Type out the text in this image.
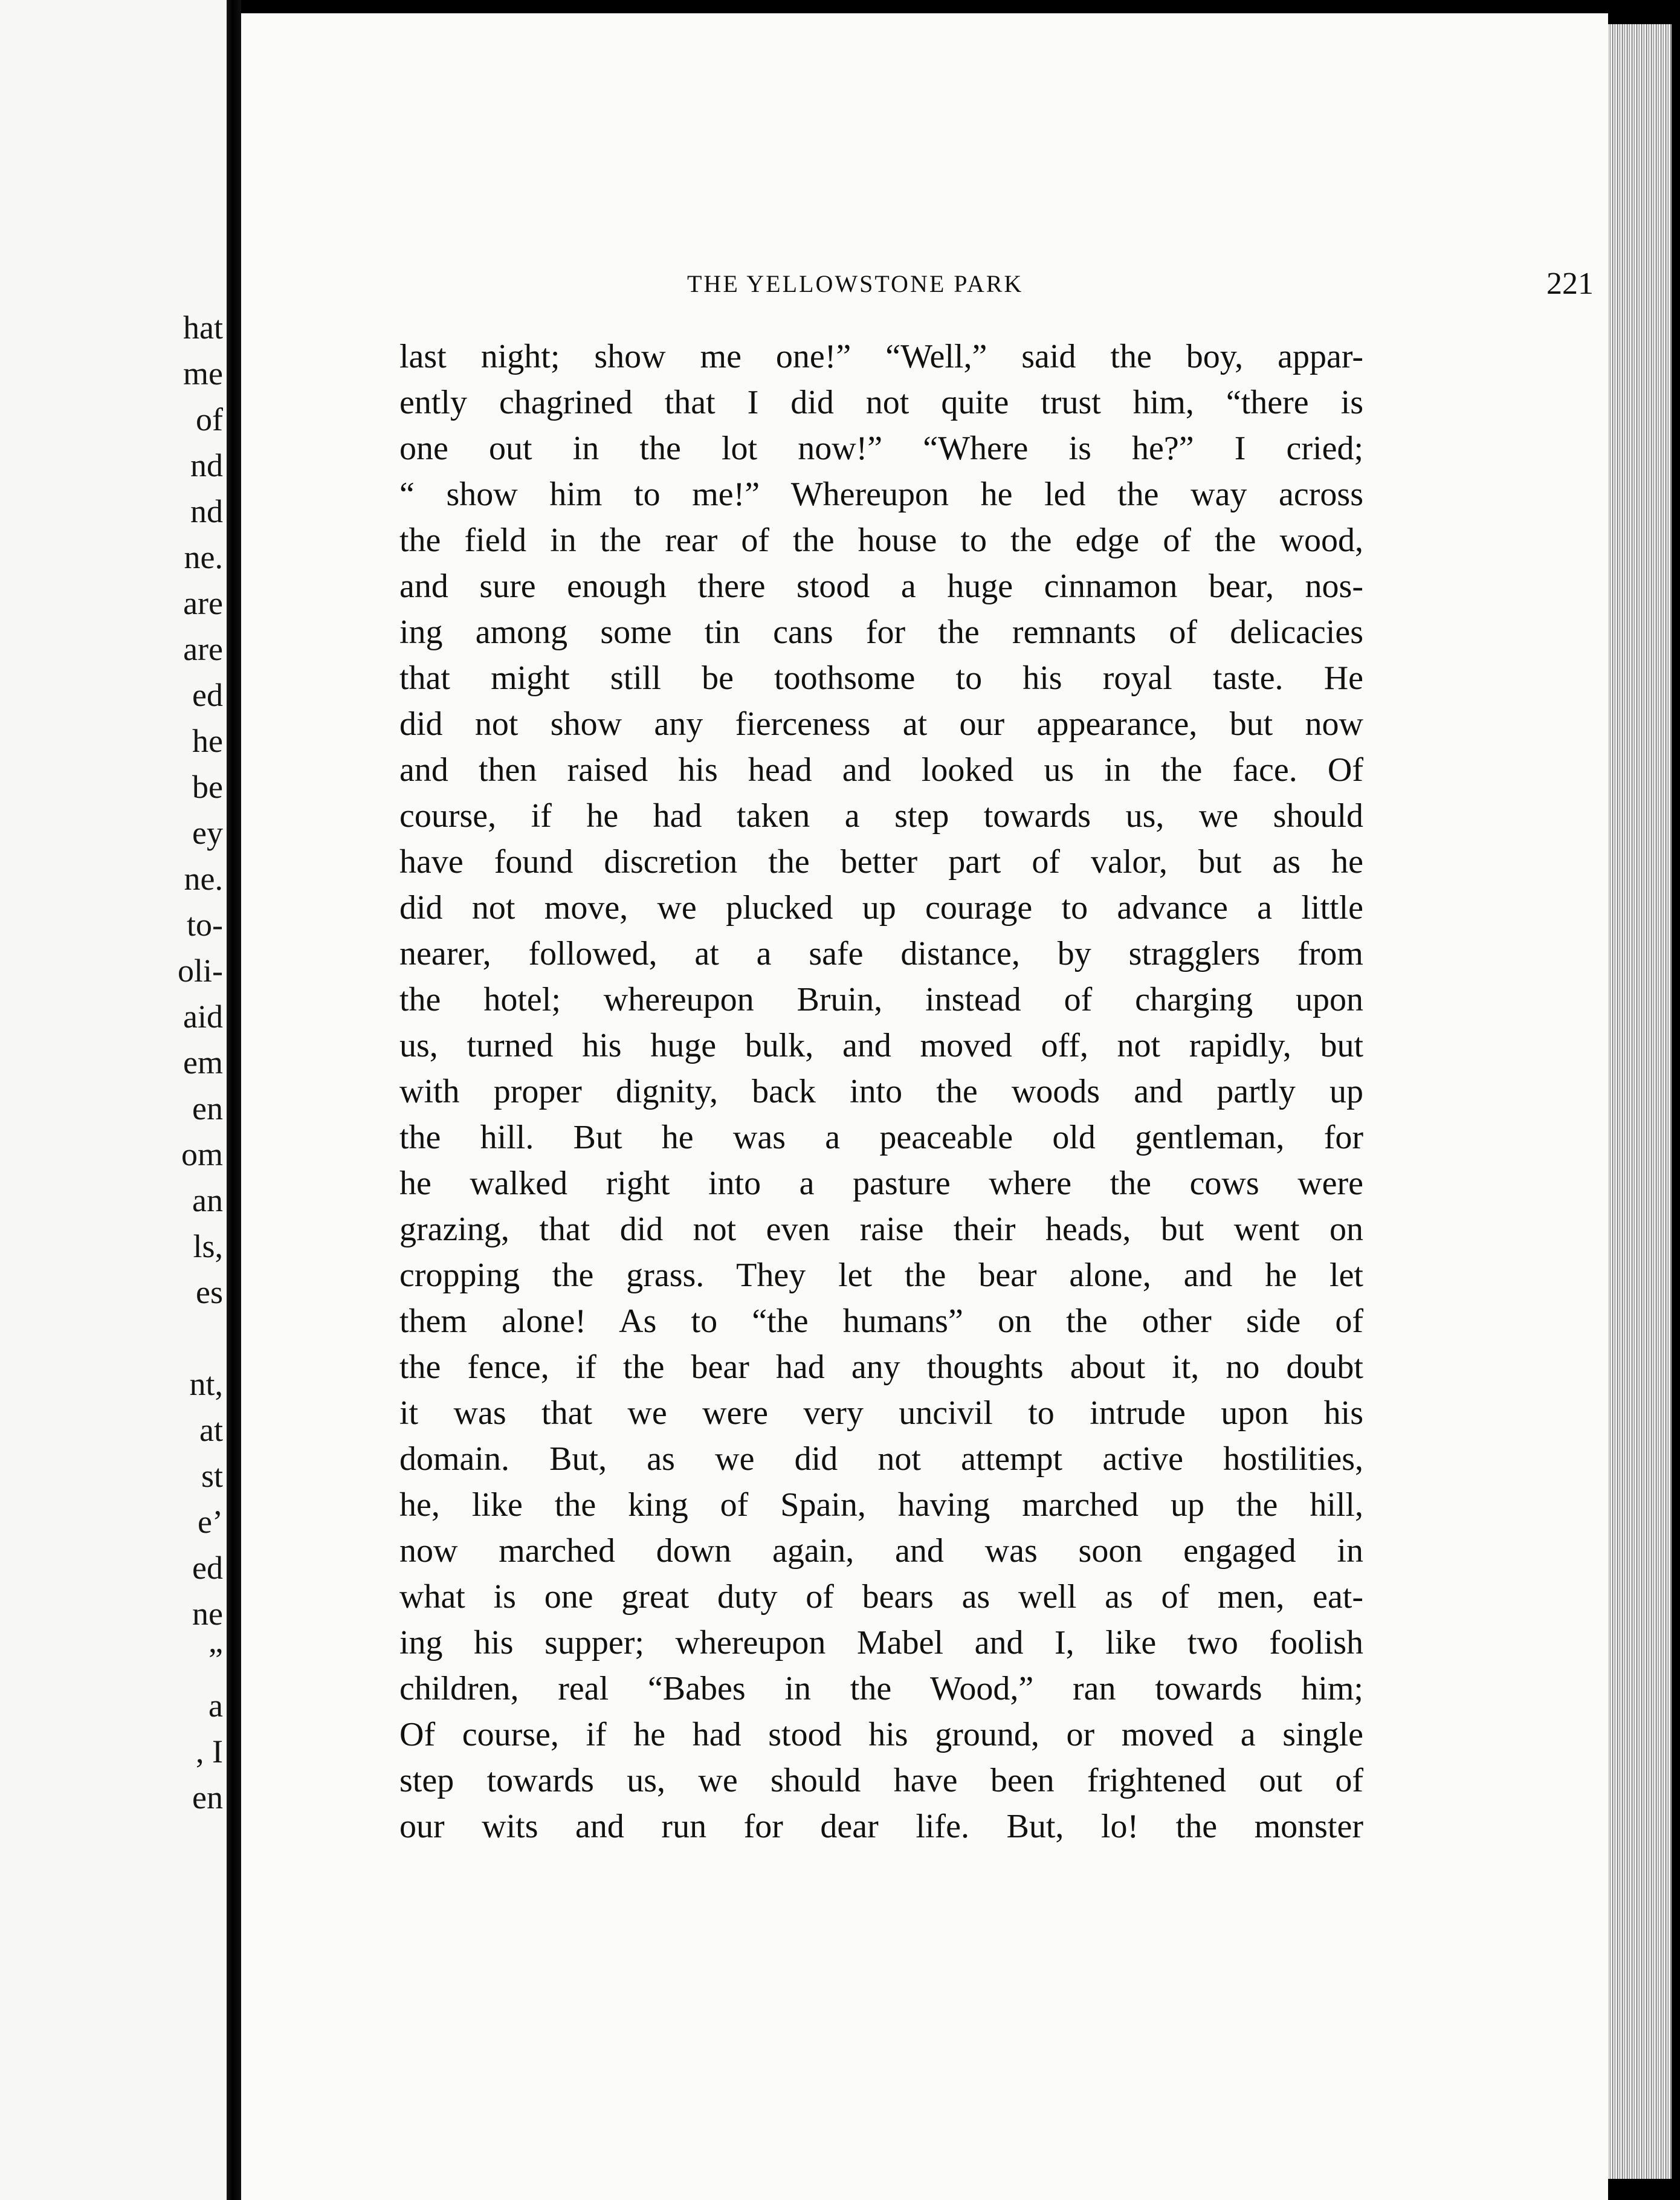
hat
me
of
nd
nd
ne.
are
are
ed
he
be
ey
ne.
to-
oli-
aid
em
en
om
an
ls,
es
nt,
at
st
e’
ed
ne
”
a
, I
en
THE YELLOWSTONE PARK	221
last night; show me one!” “Well,” said the boy, appar-
ently chagrined that I did not quite trust him, “there is
one out in the lot now!” “Where is he?” I cried;
“ show him to me!” Whereupon he led the way across
the field in the rear of the house to the edge of the wood,
and sure enough there stood a huge cinnamon bear, nos-
ing among some tin cans for the remnants of delicacies
that might still be toothsome to his royal taste. He
did not show any fierceness at our appearance, but now
and then raised his head and looked us in the face. Of
course, if he had taken a step towards us, we should
have found discretion the better part of valor, but as he
did not move, we plucked up courage to advance a little
nearer, followed, at a safe distance, by stragglers from
the hotel; whereupon Bruin, instead of charging upon
us, turned his huge bulk, and moved off, not rapidly, but
with proper dignity, back into the woods and partly up
the hill. But he was a peaceable old gentleman, for
he walked right into a pasture where the cows were
grazing, that did not even raise their heads, but went on
cropping the grass. They let the bear alone, and he let
them alone! As to “the humans” on the other side of
the fence, if the bear had any thoughts about it, no doubt
it was that we were very uncivil to intrude upon his
domain. But, as we did not attempt active hostilities,
he, like the king of Spain, having marched up the hill,
now marched down again, and was soon engaged in
what is one great duty of bears as well as of men, eat-
ing his supper; whereupon Mabel and I, like two foolish
children, real “Babes in the Wood,” ran towards him;
Of course, if he had stood his ground, or moved a single
step towards us, we should have been frightened out of
our wits and run for dear life. But, lo! the monster
